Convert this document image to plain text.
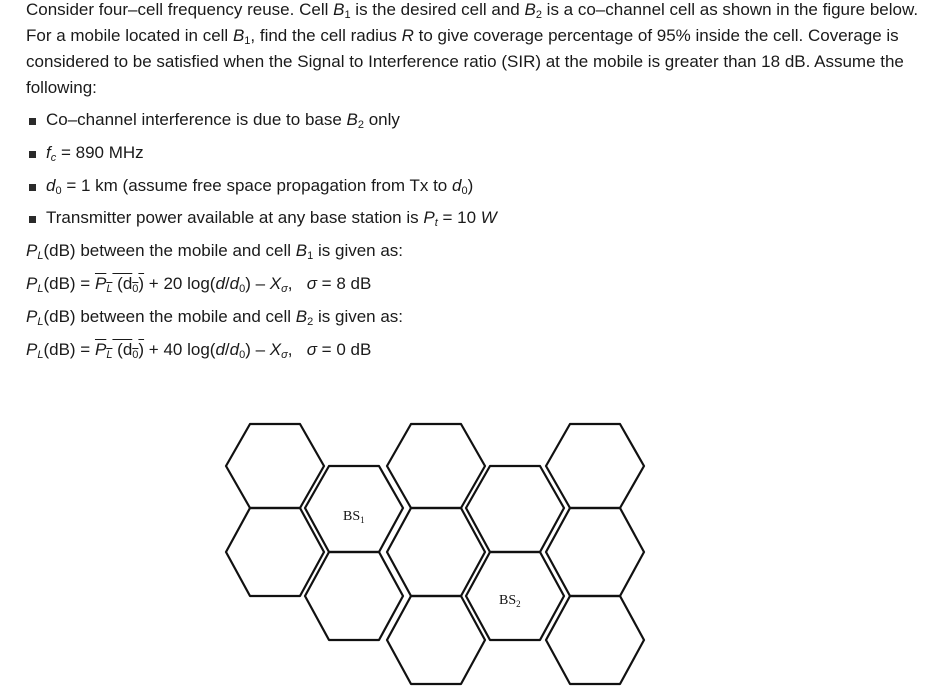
Consider four–cell frequency reuse. Cell $B_1$ is the desired cell and $B_2$ is a co–channel cell as shown in the figure below. For a mobile located in cell $B_1$, find the cell radius R to give coverage percentage of 95% inside the cell. Coverage is considered to be satisfied when the Signal to Interference ratio (SIR) at the mobile is greater than 18 dB. Assume the following:
Co–channel interference is due to base $B_2$ only
$f_c = 890$ MHz
$d_0 = 1$ km (assume free space propagation from Tx to $d_0$)
Transmitter power available at any base station is $P_t = 10$ W
$P_L(dB)$ between the mobile and cell $B_1$ is given as:
$P_L(dB) = P_L$ $(d_0) + 20$ $\log(d/d_0) - X_\sigma$, σ = 8 dB
$P_L(dB)$ between the mobile and cell $B_2$ is given as:
$P_L(dB) = P_L$ $(d_0) + 40$ $\log(d/d_0) - X_\sigma$, σ = 0 dB
$BS_1$
$BS_2$
